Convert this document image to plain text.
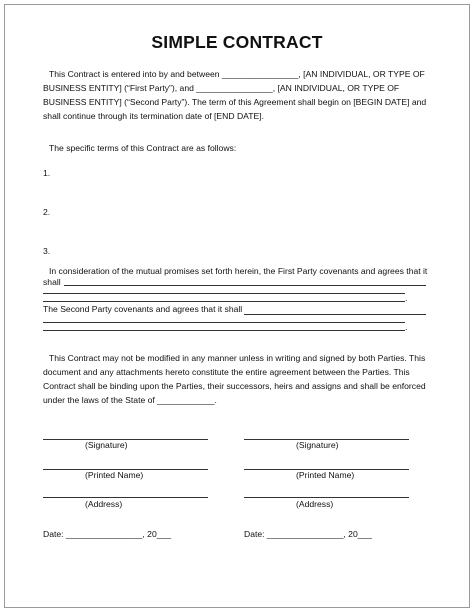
SIMPLE CONTRACT
This Contract is entered into by and between ________________, [AN INDIVIDUAL, OR TYPE OF
BUSINESS ENTITY] (“First Party”), and ________________, [AN INDIVIDUAL, OR TYPE OF
BUSINESS ENTITY] (“Second Party”). The term of this Agreement shall begin on [BEGIN DATE] and
shall continue through its termination date of [END DATE].
The specific terms of this Contract are as follows:
1.
2.
3.
In consideration of the mutual promises set forth herein, the First Party covenants and agrees that it
shall
.
The Second Party covenants and agrees that it shall
.
This Contract may not be modified in any manner unless in writing and signed by both Parties. This
document and any attachments hereto constitute the entire agreement between the Parties. This
Contract shall be binding upon the Parties, their successors, heirs and assigns and shall be enforced
under the laws of the State of ____________.
(Signature)
(Printed Name)
(Address)
Date: ________________, 20___
(Signature)
(Printed Name)
(Address)
Date: ________________, 20___
